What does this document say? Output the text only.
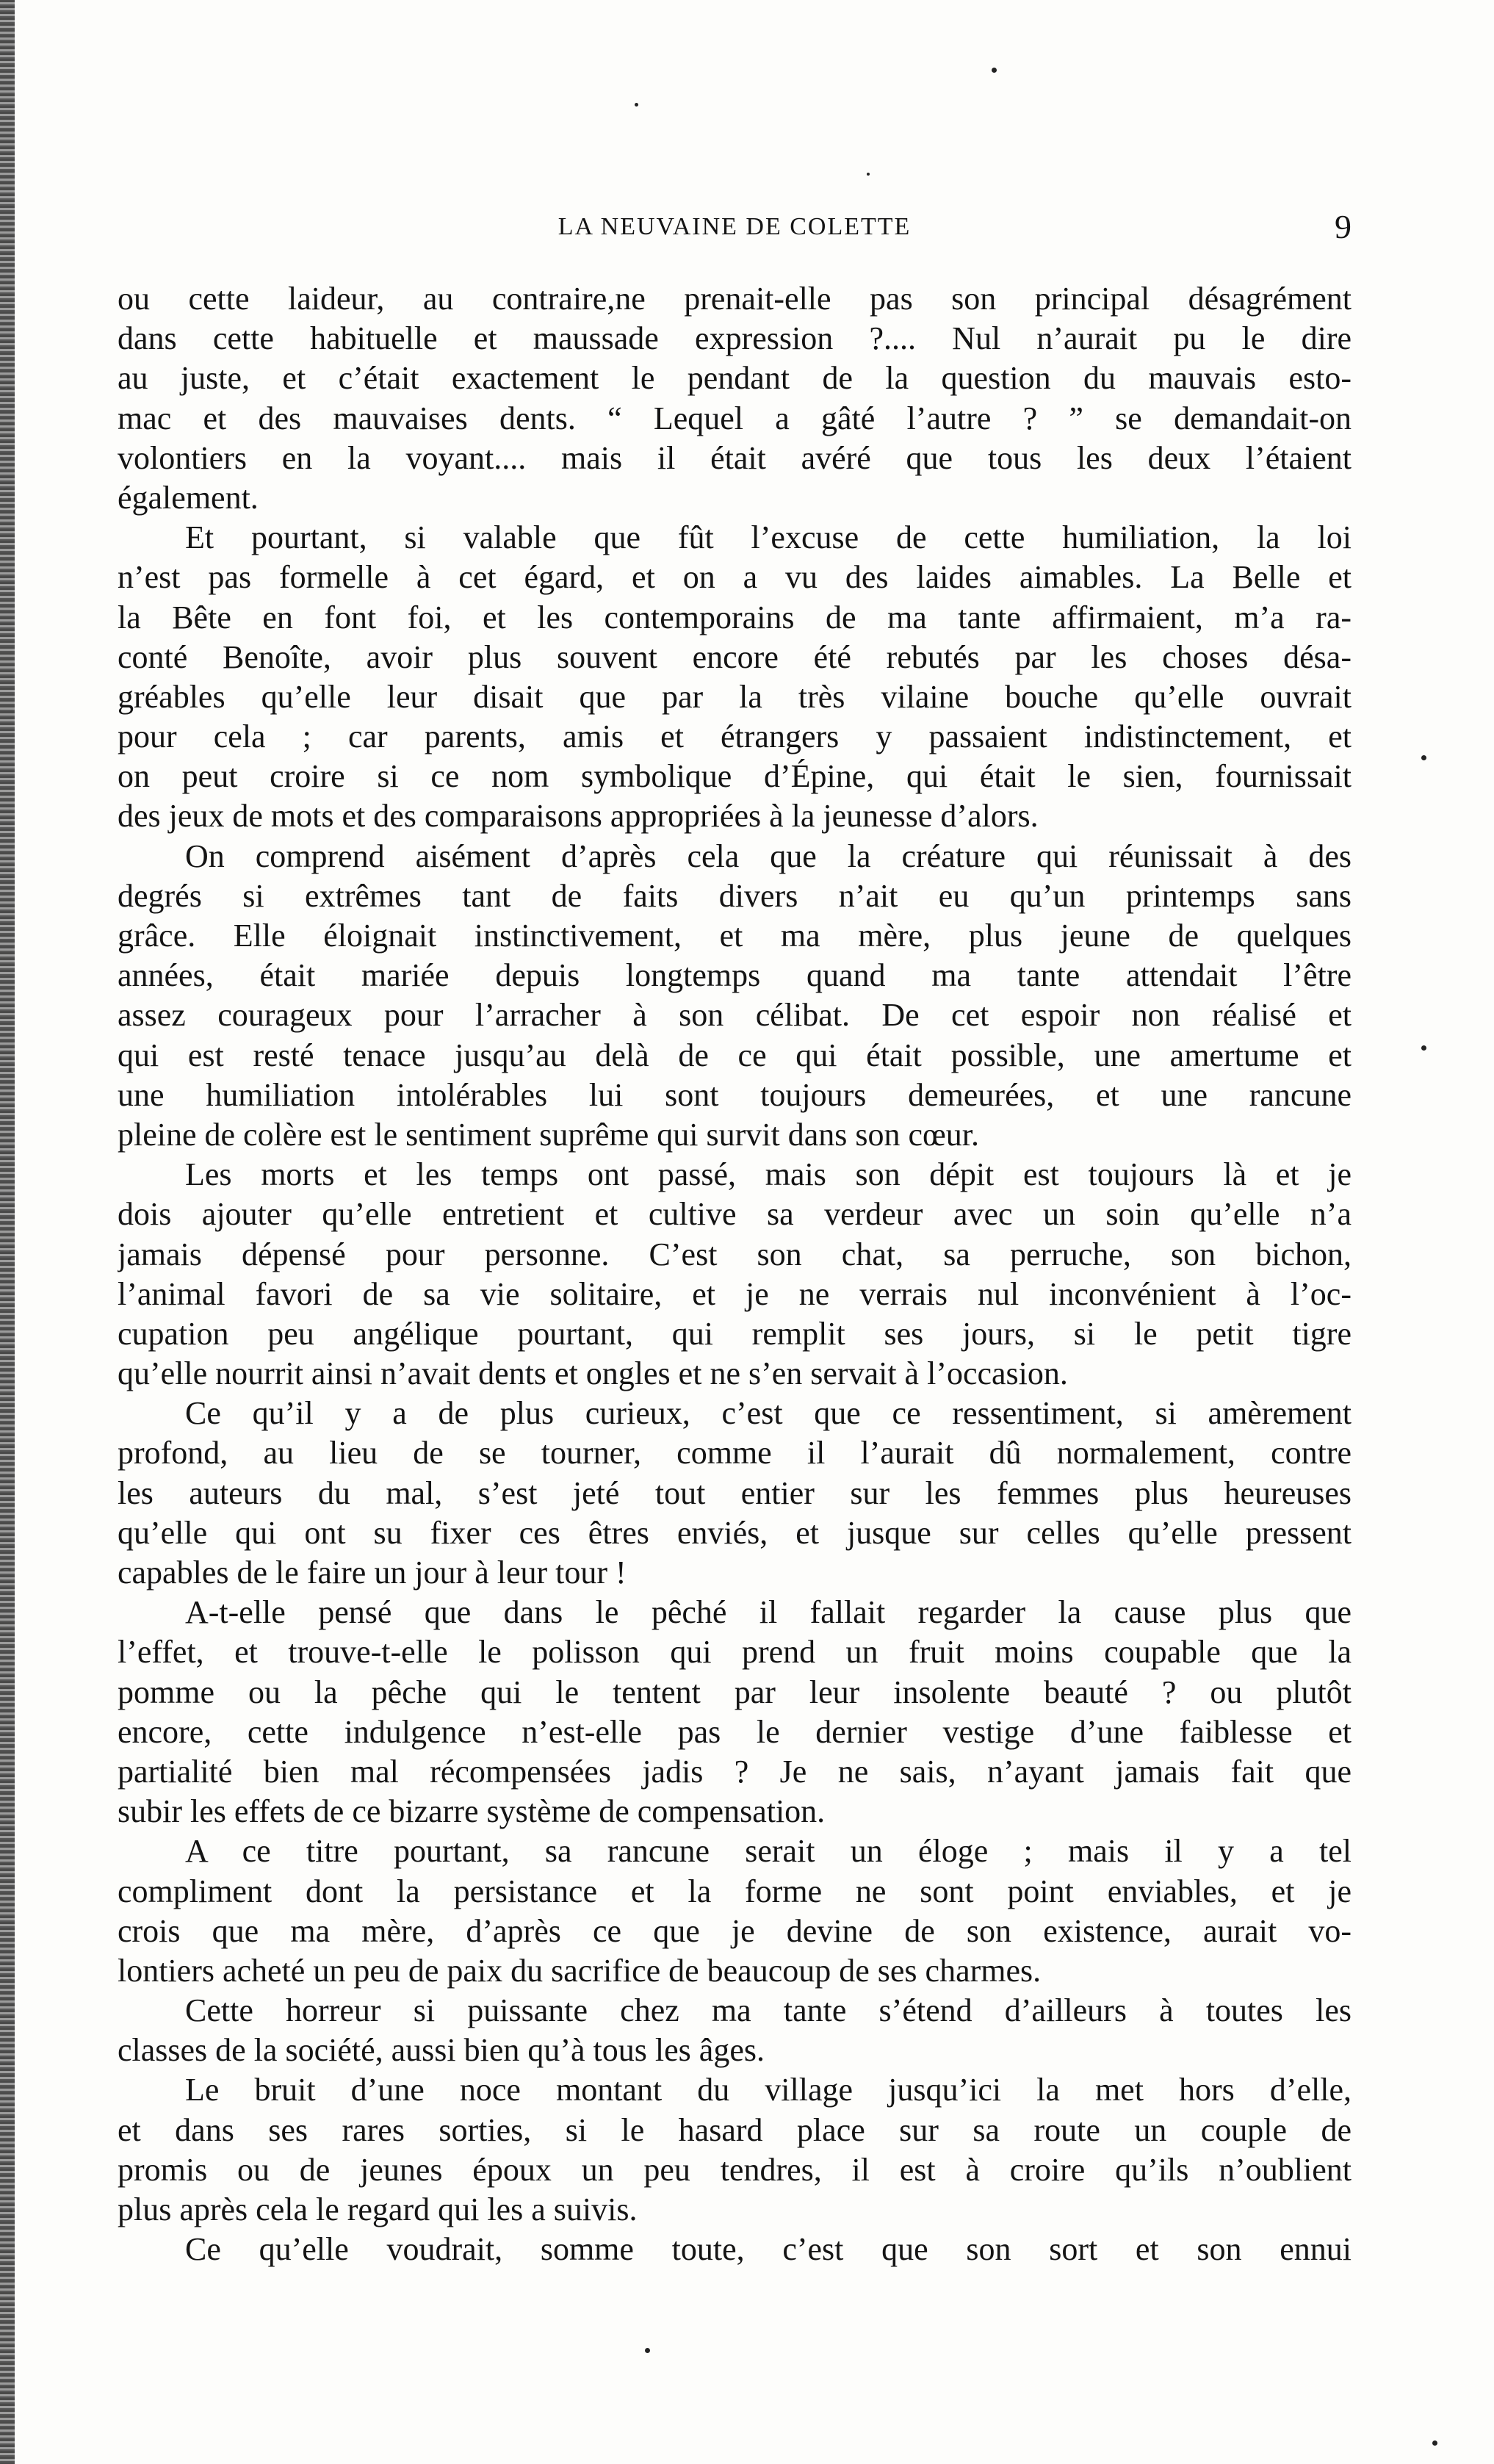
LA NEUVAINE DE COLETTE	9
ou cette laideur, au contraire,ne prenait-elle pas son principal désagrément
dans cette habituelle et maussade expression ?.... Nul n’aurait pu le dire
au juste, et c’était exactement le pendant de la question du mauvais esto-
mac et des mauvaises dents. “ Lequel a gâté l’autre ? ” se demandait-on
volontiers en la voyant.... mais il était avéré que tous les deux l’étaient
également.
Et pourtant, si valable que fût l’excuse de cette humiliation, la loi
n’est pas formelle à cet égard, et on a vu des laides aimables. La Belle et
la Bête en font foi, et les contemporains de ma tante affirmaient, m’a ra-
conté Benoîte, avoir plus souvent encore été rebutés par les choses désa-
gréables qu’elle leur disait que par la très vilaine bouche qu’elle ouvrait
pour cela ; car parents, amis et étrangers y passaient indistinctement, et
on peut croire si ce nom symbolique d’Épine, qui était le sien, fournissait
des jeux de mots et des comparaisons appropriées à la jeunesse d’alors.
On comprend aisément d’après cela que la créature qui réunissait à des
degrés si extrêmes tant de faits divers n’ait eu qu’un printemps sans
grâce. Elle éloignait instinctivement, et ma mère, plus jeune de quelques
années, était mariée depuis longtemps quand ma tante attendait l’être
assez courageux pour l’arracher à son célibat. De cet espoir non réalisé et
qui est resté tenace jusqu’au delà de ce qui était possible, une amertume et
une humiliation intolérables lui sont toujours demeurées, et une rancune
pleine de colère est le sentiment suprême qui survit dans son cœur.
Les morts et les temps ont passé, mais son dépit est toujours là et je
dois ajouter qu’elle entretient et cultive sa verdeur avec un soin qu’elle n’a
jamais dépensé pour personne. C’est son chat, sa perruche, son bichon,
l’animal favori de sa vie solitaire, et je ne verrais nul inconvénient à l’oc-
cupation peu angélique pourtant, qui remplit ses jours, si le petit tigre
qu’elle nourrit ainsi n’avait dents et ongles et ne s’en servait à l’occasion.
Ce qu’il y a de plus curieux, c’est que ce ressentiment, si amèrement
profond, au lieu de se tourner, comme il l’aurait dû normalement, contre
les auteurs du mal, s’est jeté tout entier sur les femmes plus heureuses
qu’elle qui ont su fixer ces êtres enviés, et jusque sur celles qu’elle pressent
capables de le faire un jour à leur tour !
A-t-elle pensé que dans le pêché il fallait regarder la cause plus que
l’effet, et trouve-t-elle le polisson qui prend un fruit moins coupable que la
pomme ou la pêche qui le tentent par leur insolente beauté ? ou plutôt
encore, cette indulgence n’est-elle pas le dernier vestige d’une faiblesse et
partialité bien mal récompensées jadis ? Je ne sais, n’ayant jamais fait que
subir les effets de ce bizarre système de compensation.
A ce titre pourtant, sa rancune serait un éloge ; mais il y a tel
compliment dont la persistance et la forme ne sont point enviables, et je
crois que ma mère, d’après ce que je devine de son existence, aurait vo-
lontiers acheté un peu de paix du sacrifice de beaucoup de ses charmes.
Cette horreur si puissante chez ma tante s’étend d’ailleurs à toutes les
classes de la société, aussi bien qu’à tous les âges.
Le bruit d’une noce montant du village jusqu’ici la met hors d’elle,
et dans ses rares sorties, si le hasard place sur sa route un couple de
promis ou de jeunes époux un peu tendres, il est à croire qu’ils n’oublient
plus après cela le regard qui les a suivis.
Ce qu’elle voudrait, somme toute, c’est que son sort et son ennui
